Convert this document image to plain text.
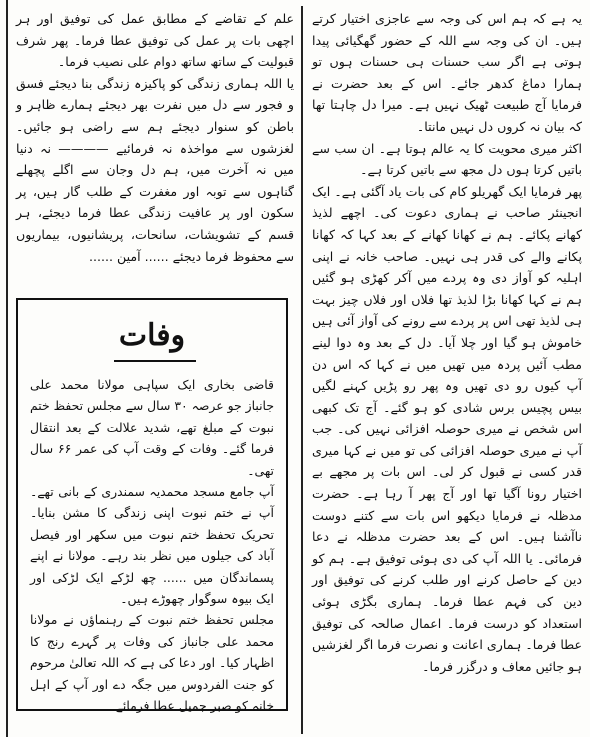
یہ ہے کہ ہم اس کی وجہ سے عاجزی اختیار کرتے ہیں۔ ان کی وجہ سے اللہ کے حضور گھگیائی پیدا ہوتی ہے اگر سب حسنات ہی حسنات ہوں تو ہمارا دماغ کدھر جائے۔ اس کے بعد حضرت نے فرمایا آج طبیعت ٹھیک نہیں ہے۔ میرا دل چاہتا تھا کہ بیان نہ کروں دل نہیں مانتا۔

اکثر میری محویت کا یہ عالم ہوتا ہے۔ ان سب سے باتیں کرتا ہوں دل مجھ سے باتیں کرتا ہے۔

پھر فرمایا ایک گھریلو کام کی بات یاد آگئی ہے۔ ایک انجینئر صاحب نے ہماری دعوت کی۔ اچھے لذیذ کھانے پکائے۔ ہم نے کھانا کھانے کے بعد کہا کہ کھانا پکانے والے کی قدر ہی نہیں۔ صاحب خانہ نے اپنی اہلیہ کو آواز دی وہ پردے میں آکر کھڑی ہو گئیں ہم نے کہا کھانا بڑا لذیذ تھا فلاں اور فلاں چیز بہت ہی لذیذ تھی اس پر پردے سے رونے کی آواز آئی ہیں خاموش ہو گیا اور چلا آیا۔ دل کے بعد وہ دوا لینے مطب آئیں پردہ میں تھیں میں نے کہا کہ اس دن آپ کیوں رو دی تھیں وہ پھر رو پڑیں کہنے لگیں بیس پچیس برس شادی کو ہو گئے۔ آج تک کبھی اس شخص نے میری حوصلہ افزائی نہیں کی۔ جب آپ نے میری حوصلہ افزائی کی تو میں نے کہا میری قدر کسی نے قبول کر لی۔ اس بات پر مجھے بے اختیار رونا آگیا تھا اور آج پھر آ رہا ہے۔ حضرت مدظلہ نے فرمایا دیکھو اس بات سے کتنے دوست ناآشنا ہیں۔ اس کے بعد حضرت مدظلہ نے دعا فرمائی۔ یا اللہ آپ کی دی ہوئی توفیق ہے۔ ہم کو دین کے حاصل کرنے اور طلب کرنے کی توفیق اور دین کی فہم عطا فرما۔ ہماری بگڑی ہوئی استعداد کو درست فرما۔ اعمال صالحہ کی توفیق عطا فرما۔ ہماری اعانت و نصرت فرما اگر لغزشیں ہو جائیں معاف و درگزر فرما۔

علم کے تقاضے کے مطابق عمل کی توفیق اور ہر اچھی بات پر عمل کی توفیق عطا فرما۔ پھر شرف قبولیت کے ساتھ ساتھ دوام علی نصیب فرما۔

یا اللہ ہماری زندگی کو پاکیزہ زندگی بنا دیجئے فسق و فجور سے دل میں نفرت بھر دیجئے ہمارے ظاہر و باطن کو سنوار دیجئے ہم سے راضی ہو جائیں۔ لغزشوں سے مواخذہ نہ فرمائیے ———— نہ دنیا میں نہ آخرت میں، ہم دل وجان سے اگلے پچھلے گناہوں سے توبہ اور مغفرت کے طلب گار ہیں، پر سکون اور پر عافیت زندگی عطا فرما دیجئے، ہر قسم کے تشویشات، سانحات، پریشانیوں، بیماریوں سے محفوظ فرما دیجئے ...... آمین ......

وفات

قاضی بخاری ایک سپاہی مولانا محمد علی جانباز جو عرصہ ۳۰ سال سے مجلس تحفظ ختم نبوت کے مبلغ تھے، شدید علالت کے بعد انتقال فرما گئے۔ وفات کے وقت آپ کی عمر ۶۶ سال تھی۔

آپ جامع مسجد محمدیہ سمندری کے بانی تھے۔ آپ نے ختم نبوت اپنی زندگی کا مشن بنایا۔ تحریک تحفظ ختم نبوت میں سکھر اور فیصل آباد کی جیلوں میں نظر بند رہے۔ مولانا نے اپنے پسماندگان میں ...... چھ لڑکے ایک لڑکی اور ایک بیوہ سوگوار چھوڑے ہیں۔

مجلس تحفظ ختم نبوت کے رہنماؤں نے مولانا محمد علی جانباز کی وفات پر گہرے رنج کا اظہار کیا۔ اور دعا کی ہے کہ اللہ تعالیٰ مرحوم کو جنت الفردوس میں جگہ دے اور آپ کے اہل خانہ کو صبر جمیل عطا فرمائے۔
